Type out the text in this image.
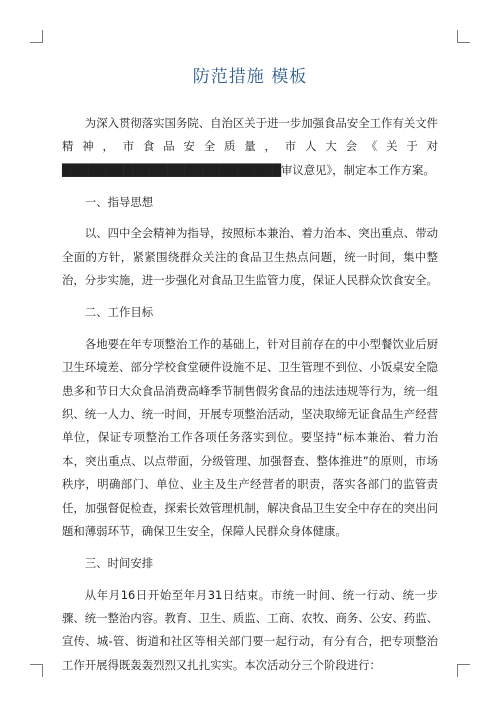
防范措施 模板

为深入贯彻落实国务院、自治区关于进一步加强食品安全工作有关文件精神，市食品安全质量，市人大会《关于对█████████████████████████审议意见》，制定本工作方案。

一、指导思想

以、四中全会精神为指导，按照标本兼治、着力治本、突出重点、带动全面的方针，紧紧围绕群众关注的食品卫生热点问题，统一时间，集中整治，分步实施，进一步强化对食品卫生监管力度，保证人民群众饮食安全。

二、工作目标

各地要在年专项整治工作的基础上，针对目前存在的中小型餐饮业后厨卫生环境差、部分学校食堂硬件设施不足、卫生管理不到位、小饭桌安全隐患多和节日大众食品消费高峰季节制售假劣食品的违法违规等行为，统一组织、统一人力、统一时间，开展专项整治活动，坚决取缔无证食品生产经营单位，保证专项整治工作各项任务落实到位。要坚持“标本兼治、着力治本，突出重点、以点带面，分级管理、加强督查、整体推进”的原则，市场秩序，明确部门、单位、业主及生产经营者的职责，落实各部门的监管责任，加强督促检查，探索长效管理机制，解决食品卫生安全中存在的突出问题和薄弱环节，确保卫生安全，保障人民群众身体健康。

三、时间安排

从年月16日开始至年月31日结束。市统一时间、统一行动、统一步骤、统一整治内容。教育、卫生、质监、工商、农牧、商务、公安、药监、宣传、城-管、街道和社区等相关部门要一起行动，有分有合，把专项整治工作开展得既轰轰烈烈又扎扎实实。本次活动分三个阶段进行：
